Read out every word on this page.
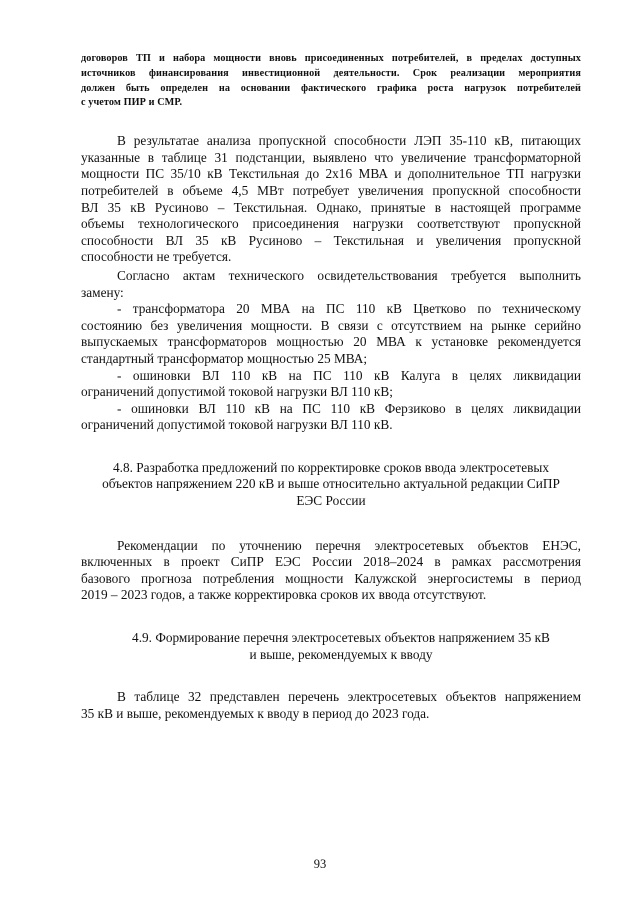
договоров ТП и набора мощности вновь присоединенных потребителей, в пределах доступных

источников финансирования инвестиционной деятельности. Срок реализации мероприятия

должен быть определен на основании фактического графика роста нагрузок потребителей

с учетом ПИР и СМР.

В результатае анализа пропускной способности ЛЭП 35-110 кВ, питающих
указанные в таблице 31 подстанции, выявлено что увеличение трансформаторной
мощности ПС 35/10 кВ Текстильная до 2х16 МВА и дополнительное ТП нагрузки
потребителей в объеме 4,5 МВт потребует увеличения пропускной способности
ВЛ 35 кВ Русиново – Текстильная. Однако, принятые в настоящей программе
объемы технологического присоединения нагрузки соответствуют пропускной
способности ВЛ 35 кВ Русиново – Текстильная и увеличения пропускной
способности не требуется.
Согласно актам технического освидетельствования требуется выполнить
замену:
- трансформатора 20 МВА на ПС 110 кВ Цветково по техническому
состоянию без увеличения мощности. В связи с отсутствием на рынке серийно
выпускаемых трансформаторов мощностью 20 МВА к установке рекомендуется
стандартный трансформатор мощностью 25 МВА;
- ошиновки ВЛ 110 кВ на ПС 110 кВ Калуга в целях ликвидации
ограничений допустимой токовой нагрузки ВЛ 110 кВ;
- ошиновки ВЛ 110 кВ на ПС 110 кВ Ферзиково в целях ликвидации
ограничений допустимой токовой нагрузки ВЛ 110 кВ.
4.8. Разработка предложений по корректировке сроков ввода электросетевых
объектов напряжением 220 кВ и выше относительно актуальной редакции СиПР
ЕЭС России
Рекомендации по уточнению перечня электросетевых объектов ЕНЭС,
включенных в проект СиПР ЕЭС России 2018–2024 в рамках рассмотрения
базового прогноза потребления мощности Калужской энергосистемы в период
2019 – 2023 годов, а также корректировка сроков их ввода отсутствуют.
4.9. Формирование перечня электросетевых объектов напряжением 35 кВ
и выше, рекомендуемых к вводу
В таблице 32 представлен перечень электросетевых объектов напряжением
35 кВ и выше, рекомендуемых к вводу в период до 2023 года.
93
